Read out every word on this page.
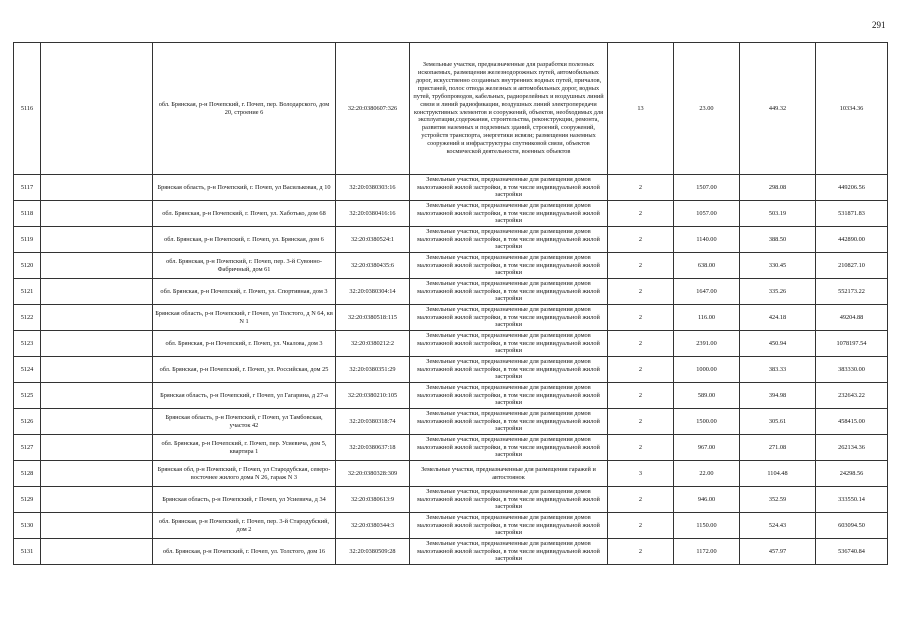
291
5116		обл. Брянская, р-н Почепский, г. Почеп, пер. Володарского, дом 20, строение 6	32:20:0380607:326	Земельные участки, предназначенные для разработки полезных ископаемых, размещения железнодорожных путей, автомобильных дорог, искусственно созданных внутренних водных путей, причалов, пристаней, полос отвода железных и автомобильных дорог, водных путей, трубопроводов, кабельных, радиорелейных и воздушных линий связи и линий радиофикации, воздушных линий электропередачи конструктивных элементов и сооружений, объектов, необходимых для эксплуатации,содержания, строительства, реконструкции, ремонта, развития наземных и подземных зданий, строений, сооружений, устройств транспорта, энергетики исвязи; размещения наземных сооружений и инфраструктуры спутниковой связи, объектов космической деятельности, военных объектов	13	23.00	449.32	10334.36
5117		Брянская область, р-н Почепский, г. Почеп, ул Васильковая, д 10	32:20:0380303:16	Земельные участки, предназначенные для размещения домов малоэтажной жилой застройки, в том числе индивидуальной жилой застройки	2	1507.00	298.08	449206.56
5118		обл. Брянская, р-н Почепский, г. Почеп, ул. Хаботько, дом 68	32:20:0380416:16	Земельные участки, предназначенные для размещения домов малоэтажной жилой застройки, в том числе индивидуальной жилой застройки	2	1057.00	503.19	531871.83
5119		обл. Брянская, р-н Почепский, г. Почеп, ул. Брянская, дом 6	32:20:0380524:1	Земельные участки, предназначенные для размещения домов малоэтажной жилой застройки, в том числе индивидуальной жилой застройки	2	1140.00	388.50	442890.00
5120		обл. Брянская, р-н Почепский, г. Почеп, пер. 3-й Сувонно-Фабричный, дом 61	32:20:0380435:6	Земельные участки, предназначенные для размещения домов малоэтажной жилой застройки, в том числе индивидуальной жилой застройки	2	638.00	330.45	210827.10
5121		обл. Брянская, р-н Почепский, г. Почеп, ул. Спортивная, дом 3	32:20:0380304:14	Земельные участки, предназначенные для размещения домов малоэтажной жилой застройки, в том числе индивидуальной жилой застройки	2	1647.00	335.26	552173.22
5122		Брянская область, р-н Почепский, г Почеп, ул Толстого, д N 64, кв N 1	32:20:0380518:115	Земельные участки, предназначенные для размещения домов малоэтажной жилой застройки, в том числе индивидуальной жилой застройки	2	116.00	424.18	49204.88
5123		обл. Брянская, р-н Почепский, г. Почеп, ул. Чкалова, дом 3	32:20:0380212:2	Земельные участки, предназначенные для размещения домов малоэтажной жилой застройки, в том числе индивидуальной жилой застройки	2	2391.00	450.94	1078197.54
5124		обл. Брянская, р-н Почепский, г. Почеп, ул. Российская, дом 25	32:20:0380351:29	Земельные участки, предназначенные для размещения домов малоэтажной жилой застройки, в том числе индивидуальной жилой застройки	2	1000.00	383.33	383330.00
5125		Брянская область, р-н Почепский, г Почеп, ул Гагарина, д 27-а	32:20:0380210:105	Земельные участки, предназначенные для размещения домов малоэтажной жилой застройки, в том числе индивидуальной жилой застройки	2	589.00	394.98	232643.22
5126		Брянская область, р-н Почепский, г Почеп, ул Тамбовская, участок 42	32:20:0380318:74	Земельные участки, предназначенные для размещения домов малоэтажной жилой застройки, в том числе индивидуальной жилой застройки	2	1500.00	305.61	458415.00
5127		обл. Брянская, р-н Почепский, г. Почеп, пер. Усиевича, дом 5, квартира 1	32:20:0380637:18	Земельные участки, предназначенные для размещения домов малоэтажной жилой застройки, в том числе индивидуальной жилой застройки	2	967.00	271.08	262134.36
5128		Брянская обл, р-н Почепский, г Почеп, ул Стародубская, северо-восточнее жилого дома N 26, гараж N 3	32:20:0380328:309	Земельные участки, предназначенные для размещения гаражей и автостоянок	3	22.00	1104.48	24298.56
5129		Брянская область, р-н Почепский, г Почеп, ул Усиевича, д 34	32:20:0380613:9	Земельные участки, предназначенные для размещения домов малоэтажной жилой застройки, в том числе индивидуальной жилой застройки	2	946.00	352.59	333550.14
5130		обл. Брянская, р-н Почепский, г. Почеп, пер. 3-й Стародубский, дом 2	32:20:0380344:3	Земельные участки, предназначенные для размещения домов малоэтажной жилой застройки, в том числе индивидуальной жилой застройки	2	1150.00	524.43	603094.50
5131		обл. Брянская, р-н Почепский, г. Почеп, ул. Толстого, дом 16	32:20:0380509:28	Земельные участки, предназначенные для размещения домов малоэтажной жилой застройки, в том числе индивидуальной жилой застройки	2	1172.00	457.97	536740.84
